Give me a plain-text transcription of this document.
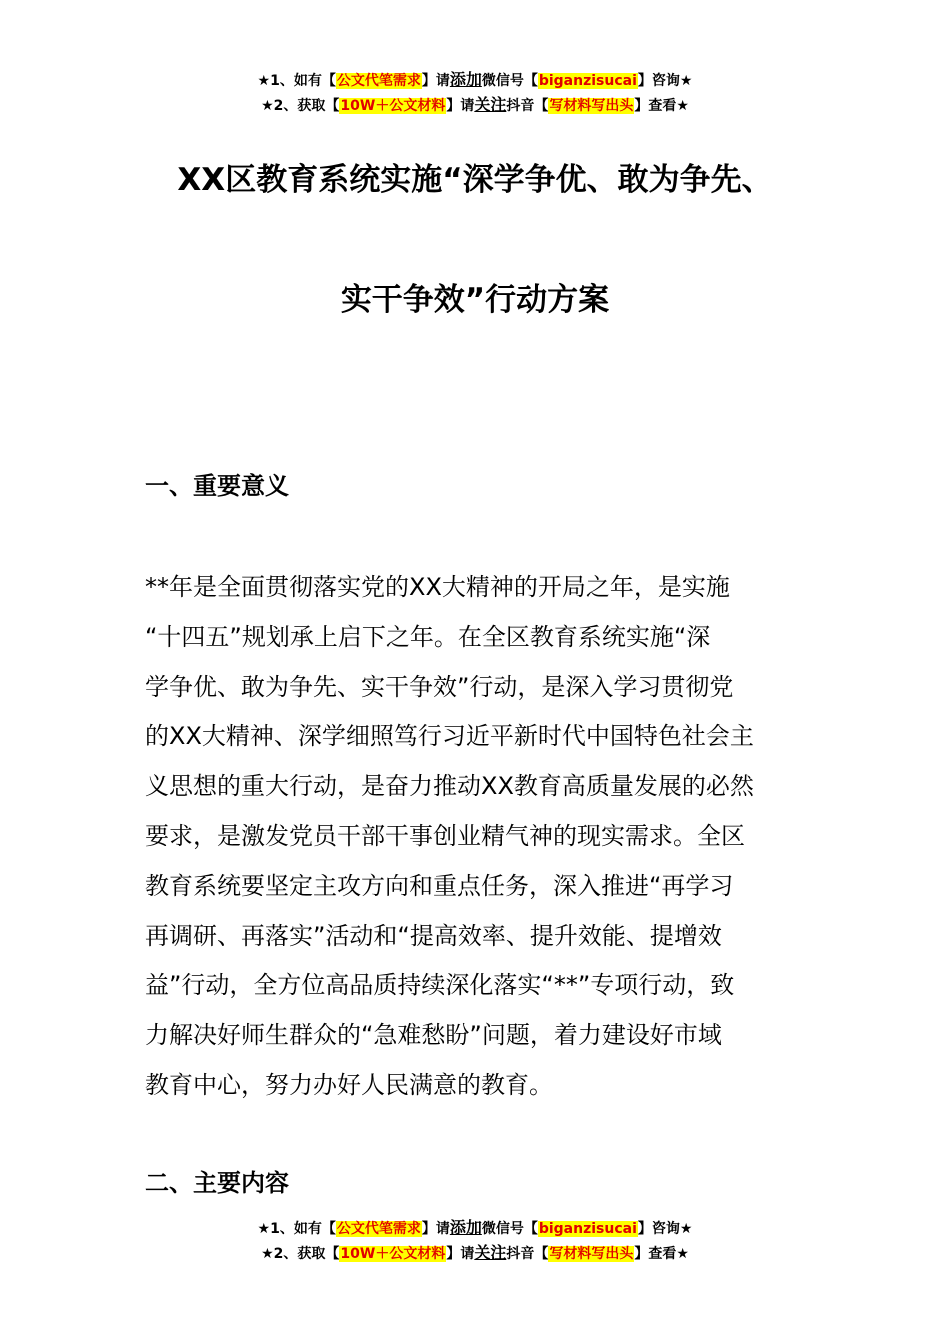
★1、如有【公文代笔需求】请添加微信号【biganzisucai】咨询★
★2、获取【10W＋公文材料】请关注抖音【写材料写出头】查看★
XX区教育系统实施“深学争优、敢为争先、
实干争效”行动方案
一、重要意义

**年是全面贯彻落实党的XX大精神的开局之年，是实施
“十四五”规划承上启下之年。在全区教育系统实施“深
学争优、敢为争先、实干争效”行动，是深入学习贯彻党
的XX大精神、深学细照笃行习近平新时代中国特色社会主
义思想的重大行动，是奋力推动XX教育高质量发展的必然
要求，是激发党员干部干事创业精气神的现实需求。全区
教育系统要坚定主攻方向和重点任务，深入推进“再学习
再调研、再落实”活动和“提高效率、提升效能、提增效
益”行动，全方位高品质持续深化落实“**”专项行动，致
力解决好师生群众的“急难愁盼”问题，着力建设好市域
教育中心，努力办好人民满意的教育。

二、主要内容
★1、如有【公文代笔需求】请添加微信号【biganzisucai】咨询★
★2、获取【10W＋公文材料】请关注抖音【写材料写出头】查看★
